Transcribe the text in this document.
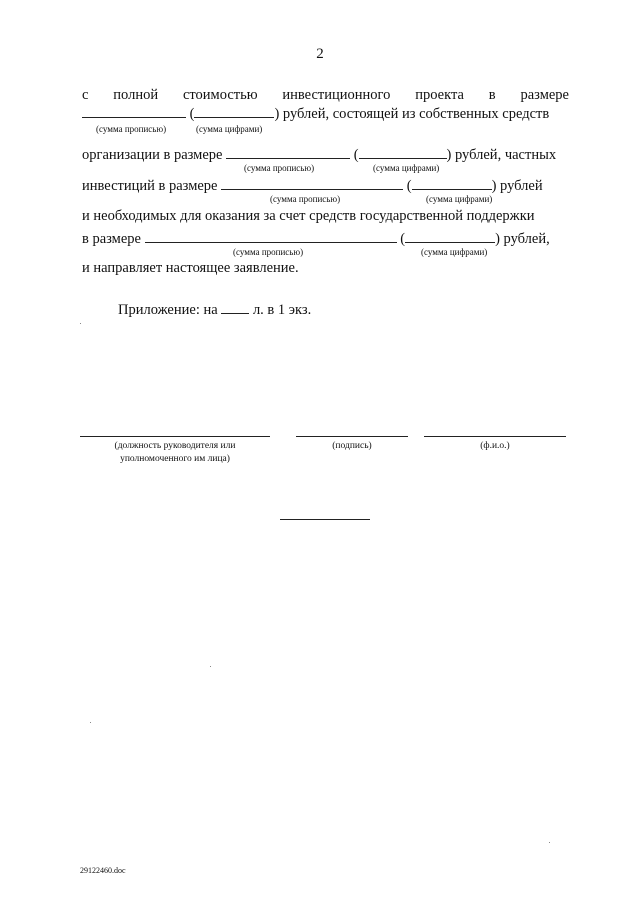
2
с полной стоимостью инвестиционного проекта в размере
(	) рублей, состоящей из собственных средств
(сумма прописью)	(сумма цифрами)
организации в размере	(	) рублей, частных
(сумма прописью)	(сумма цифрами)
инвестиций в размере	(	) рублей
(сумма прописью)	(сумма цифрами)
и необходимых для оказания за счет средств государственной поддержки
в размере	(	) рублей,
(сумма прописью)	(сумма цифрами)
и направляет настоящее заявление.
Приложение: на л. в 1 экз.
(должность руководителя или
уполномоченного им лица)
(подпись)	(ф.и.о.)
29122460.doc
